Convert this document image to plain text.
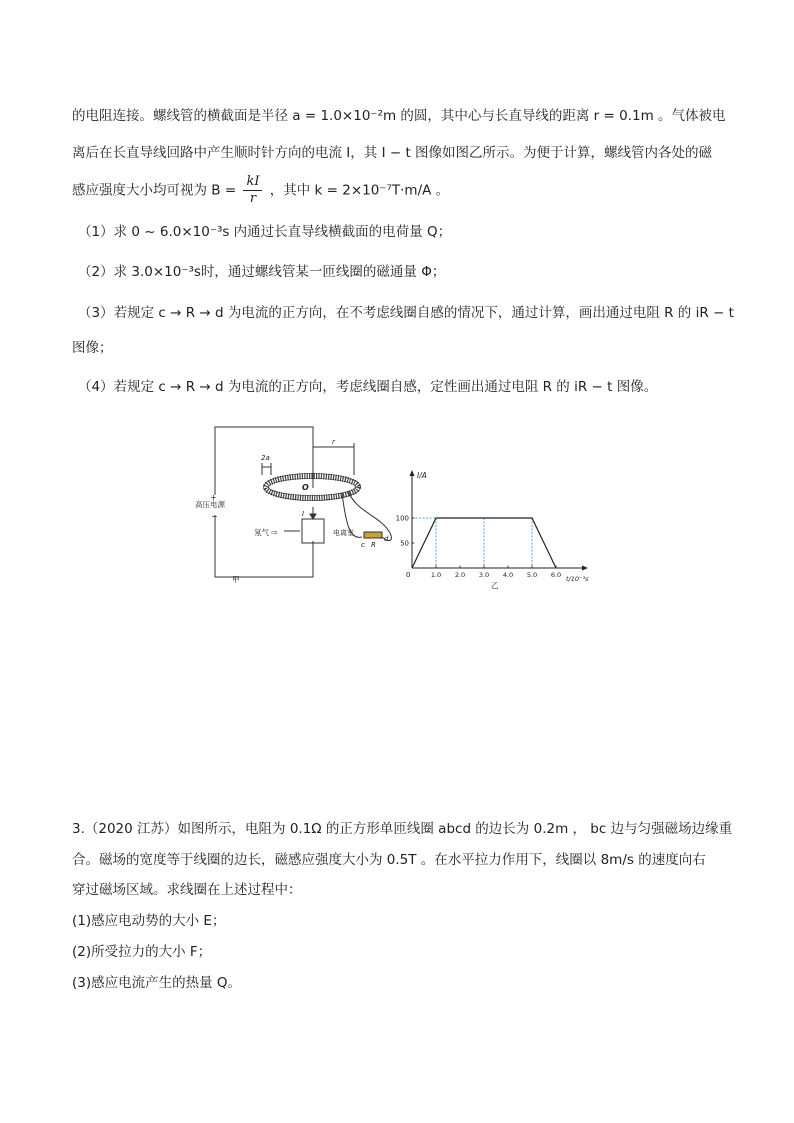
的电阻连接。螺线管的横截面是半径 a = 1.0×10⁻²m 的圆，其中心与长直导线的距离 r = 0.1m 。气体被电
离后在长直导线回路中产生顺时针方向的电流 I，其 I − t 图像如图乙所示。为便于计算，螺线管内各处的磁
感应强度大小均可视为 $B = \frac{kI}{r}$ ，其中 k = 2×10⁻⁷T·m/A 。
（1）求 0 ~ 6.0×10⁻³s 内通过长直导线横截面的电荷量 Q；
（2）求 3.0×10⁻³s时，通过螺线管某一匝线圈的磁通量 Φ；
（3）若规定 c → R → d 为电流的正方向，在不考虑线圈自感的情况下，通过计算，画出通过电阻 R 的 iR − t
图像；
（4）若规定 c → R → d 为电流的正方向，考虑线圈自感，定性画出通过电阻 R 的 iR − t 图像。
+
−
高压电源
2a
r
O
I
氖气 ⇨	电离室
c R
d
甲
I/A
t/10⁻³s
0
乙
50
100
1.0 2.0 3.0 4.0 5.0 6.0
3.（2020 江苏）如图所示，电阻为 0.1Ω 的正方形单匝线圈 abcd 的边长为 0.2m ， bc 边与匀强磁场边缘重
合。磁场的宽度等于线圈的边长，磁感应强度大小为 0.5T 。在水平拉力作用下，线圈以 8m/s 的速度向右
穿过磁场区域。求线圈在上述过程中：
(1)感应电动势的大小 E；
(2)所受拉力的大小 F；
(3)感应电流产生的热量 Q。
